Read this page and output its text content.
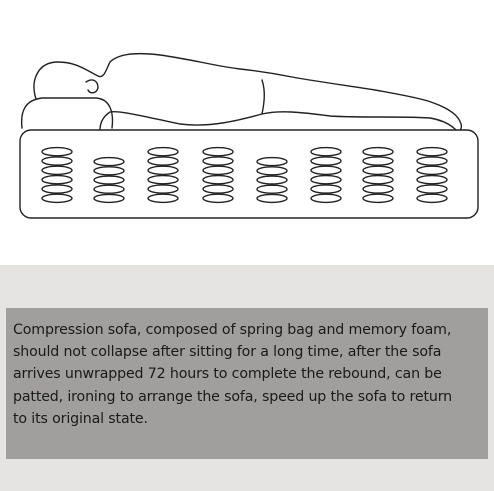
Compression sofa, composed of spring bag and memory foam,
should not collapse after sitting for a long time, after the sofa
arrives unwrapped 72 hours to complete the rebound, can be
patted, ironing to arrange the sofa, speed up the sofa to return
to its original state.
